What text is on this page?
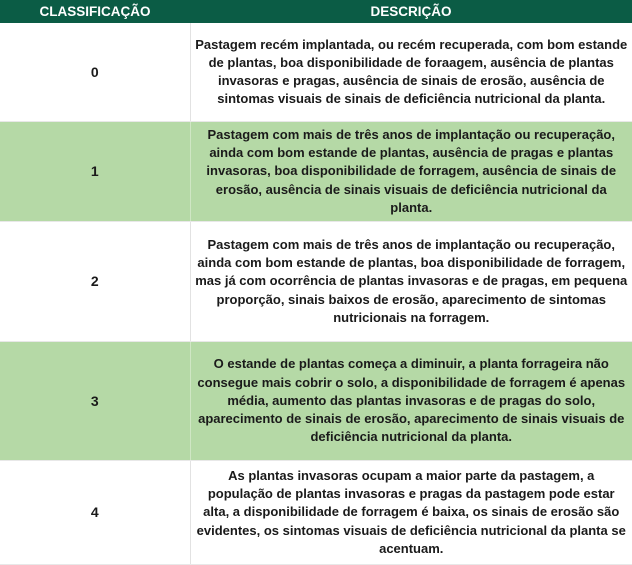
CLASSIFICAÇÃO	DESCRIÇÃO
0	Pastagem recém implantada, ou recém recuperada, com bom estande de plantas, boa disponibilidade de foraagem, ausência de plantas invasoras e pragas, ausência de sinais de erosão, ausência de sintomas visuais de sinais de deficiência nutricional da planta.
1	Pastagem com mais de três anos de implantação ou recuperação, ainda com bom estande de plantas, ausência de pragas e plantas invasoras, boa disponibilidade de forragem, ausência de sinais de erosão, ausência de sinais visuais de deficiência nutricional da planta.
2	Pastagem com mais de três anos de implantação ou recuperação, ainda com bom estande de plantas, boa disponibilidade de forragem, mas já com ocorrência de plantas invasoras e de pragas, em pequena proporção, sinais baixos de erosão, aparecimento de sintomas nutricionais na forragem.
3	O estande de plantas começa a diminuir, a planta forrageira não consegue mais cobrir o solo, a disponibilidade de forragem é apenas média, aumento das plantas invasoras e de pragas do solo, aparecimento de sinais de erosão, aparecimento de sinais visuais de deficiência nutricional da planta.
4	As plantas invasoras ocupam a maior parte da pastagem, a população de plantas invasoras e pragas da pastagem pode estar alta, a disponibilidade de forragem é baixa, os sinais de erosão são evidentes, os sintomas visuais de deficiência nutricional da planta se acentuam.
